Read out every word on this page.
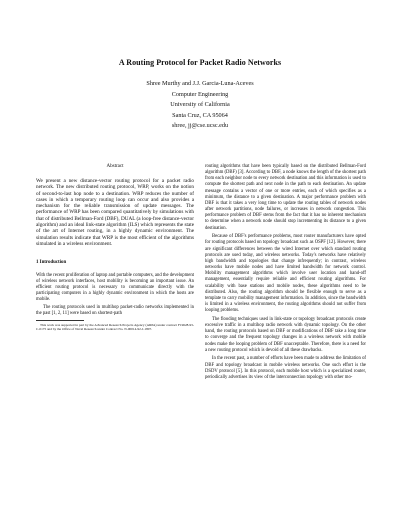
A Routing Protocol for Packet Radio Networks
Shree Murthy and J.J. Garcia-Luna-Aceves
Computer Engineering
University of California
Santa Cruz, CA 95064
shree, jj@cse.ucsc.edu
Abstract

We present a new distance-vector routing protocol for a packet radio network. The new distributed routing protocol, WRP, works on the notion of second-to-last hop node to a destination. WRP reduces the number of cases in which a temporary routing loop can occur and also provides a mechanism for the reliable transmission of update messages. The performance of WRP has been compared quantitatively by simulations with that of distributed Bellman-Ford (DBF), DUAL (a loop-free distance-vector algorithm) and an ideal link-state algorithm (ILS) which represents the state of the art of Internet routing, in a highly dynamic environment. The simulation results indicate that WRP is the most efficient of the algorithms simulated in a wireless environment.

1 Introduction

With the recent proliferation of laptop and portable computers, and the development of wireless network interfaces, host mobility is becoming an important issue. An efficient routing protocol is necessary to communicate directly with the participating computers in a highly dynamic environment in which the hosts are mobile.

The routing protocols used in multihop packet-radio networks implemented in the past [1, 2, 11] were based on shortest-path

This work was supported in part by the Advanced Research Projects Agency (ARPA) under contract F19628-93-C-0175 and by the Office of Naval Research under Contract No. N-00014-92-J-1807.

routing algorithms that have been typically based on the distributed Bellman-Ford algorithm (DBF) [3]. According to DBF, a node knows the length of the shortest path from each neighbor node to every network destination and this information is used to compute the shortest path and next node in the path to each destination. An update message contains a vector of one or more entries, each of which specifies as a minimum, the distance to a given destination. A major performance problem with DBF is that it takes a very long time to update the routing tables of network nodes after network partitions, node failures, or increases in network congestion. This performance problem of DBF stems from the fact that it has no inherent mechanism to determine when a network node should stop incrementing its distance to a given destination.

Because of DBF's performance problems, most router manufacturers have opted for routing protocols based on topology broadcast such as OSPF [12]. However, there are significant differences between the wired Internet over which standard routing protocols are used today, and wireless networks. Today's networks have relatively high bandwidth and topologies that change infrequently; in contrast, wireless networks have mobile nodes and have limited bandwidth for network control. Mobility management algorithms which involve user location and hand-off management, essentially require reliable and efficient routing algorithms. For scalability with base stations and mobile nodes, these algorithms need to be distributed. Also, the routing algorithm should be flexible enough to serve as a template to carry mobility management information. In addition, since the bandwidth is limited in a wireless environment, the routing algorithms should not suffer from looping problems.

The flooding techniques used in link-state or topology broadcast protocols create excessive traffic in a multihop radio network with dynamic topology. On the other hand, the routing protocols based on DBF or modifications of DBF take a long time to converge and the frequent topology changes in a wireless network with mobile nodes make the looping problem of DBF unacceptable. Therefore, there is a need for a new routing protocol which is devoid of all these drawbacks.

In the recent past, a number of efforts have been made to address the limitation of DBF and topology broadcast in mobile wireless networks. One such effort is the DSDV protocol [5]. In this protocol, each mobile host which is a specialized router, periodically advertises its view of the interconnection topology with other mo-
